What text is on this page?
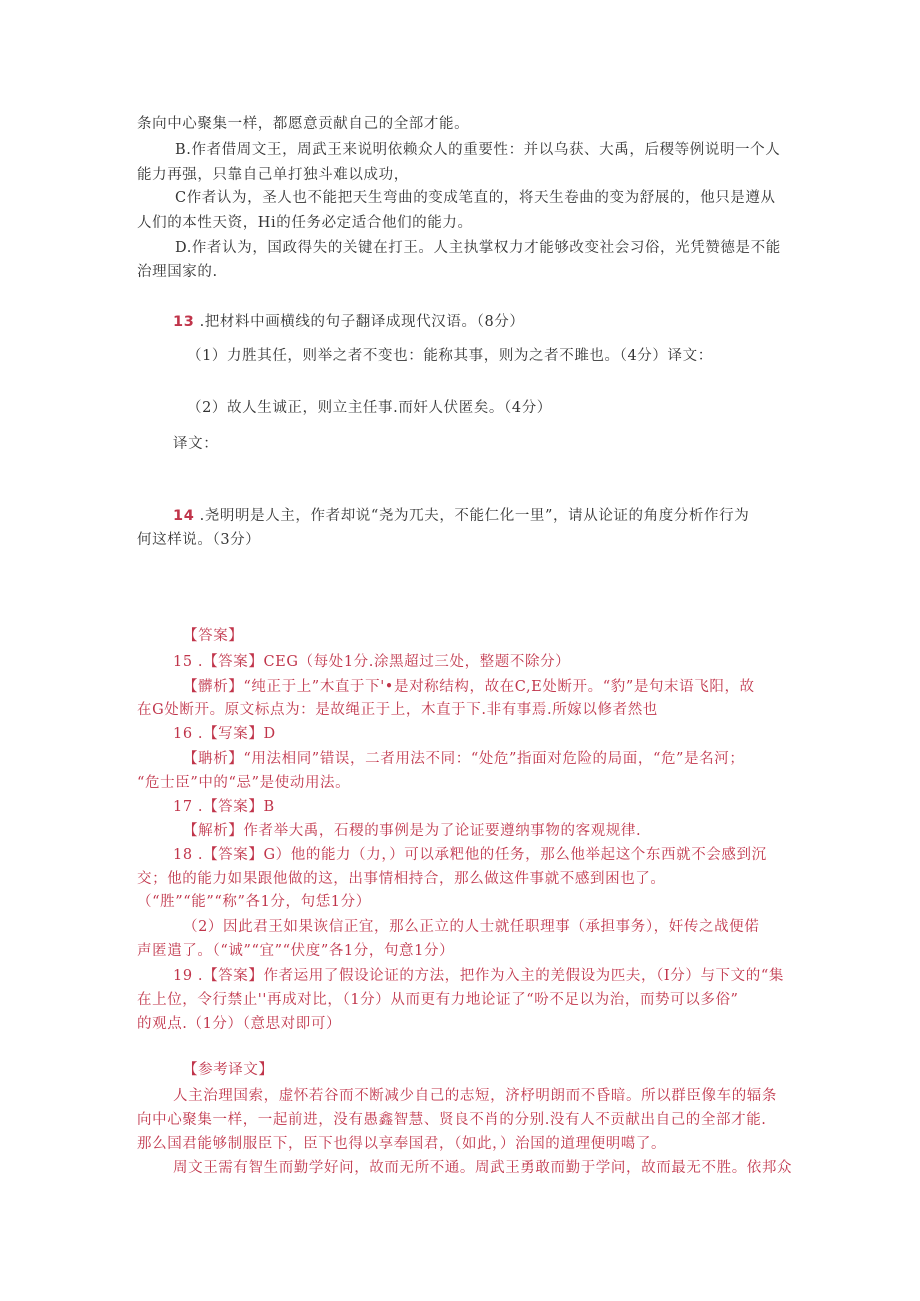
条向中心聚集一样，都愿意贡献自己的全部才能。
B.作者借周文王，周武王来说明依赖众人的重要性：并以乌获、大禹，后稷等例说明一个人
能力再强，只靠自己单打独斗难以成功，
C作者认为，圣人也不能把天生弯曲的变成笔直的，将天生卷曲的变为舒展的，他只是遵从
人们的本性天资，Hi的任务必定适合他们的能力。
D.作者认为，国政得失的关键在打王。人主执掌权力才能够改变社会习俗，光凭赞德是不能
治理国家的.
13 .把材料中画横线的句子翻译成现代汉语。（8分）
（1）力胜其任，则举之者不变也：能称其事，则为之者不雎也。（4分）译文：
（2）故人生诚正，则立主任事.而奸人伏匿矣。（4分）
译文：
14 .尧明明是人主，作者却说“尧为兀夫，不能仁化一里”，请从论证的角度分析作行为
何这样说。（3分）
【答案】
15 .【答案】CEG（每处1分.涂黑超过三处，整题不除分）
【髒析】“纯正于上”木直于下'•是对称结构，故在C,E处断开。“豹”是句末语飞阳，故
在G处断开。原文标点为：是故绳正于上，木直于下.非有事焉.所嫁以修者然也
16 .【写案】D
【聃析】“用法相同”错误，二者用法不同：“处危”指面对危险的局面，“危”是名河；
“危士臣”中的“忌”是使动用法。
17 .【答案】B
【解析】作者举大禹，石稷的事例是为了论证要遵纳事物的客观规律.
18 .【答案】G）他的能力（力，）可以承粑他的任务，那么他举起这个东西就不会感到沉
交；他的能力如果跟他做的这，出事情相持合，那么做这件事就不感到困也了。
（“胜”“能”“称”各1分，句恁1分）
（2）因此君王如果诙信正宜，那么正立的人士就任职理事（承担事务），奸传之战便偌
声匿遣了。（“诚”“宜”“伏度”各1分，句意1分）
19 .【答案】作者运用了假设论证的方法，把作为入主的羌假设为匹夫，（I分）与下文的“集
在上位，令行禁止''再成对比，（1分）从而更有力地论证了“吩不足以为治，而势可以多俗”
的观点.（1分）（意思对即可）
【参考译文】
人主治理国索，虚怀若谷而不断减少自己的志短，济杼明朗而不昏暗。所以群臣像车的辐条
向中心聚集一样，一起前进，没有愚鑫智慧、贤良不肖的分别.没有人不贡献出自己的全部才能.
那么国君能够制服臣下，臣下也得以享奉国君，（如此，）治国的道理便明噶了。
周文王需有智生而勤学好问，故而无所不通。周武王勇敢而勤于学问，故而最无不胜。依邦众
